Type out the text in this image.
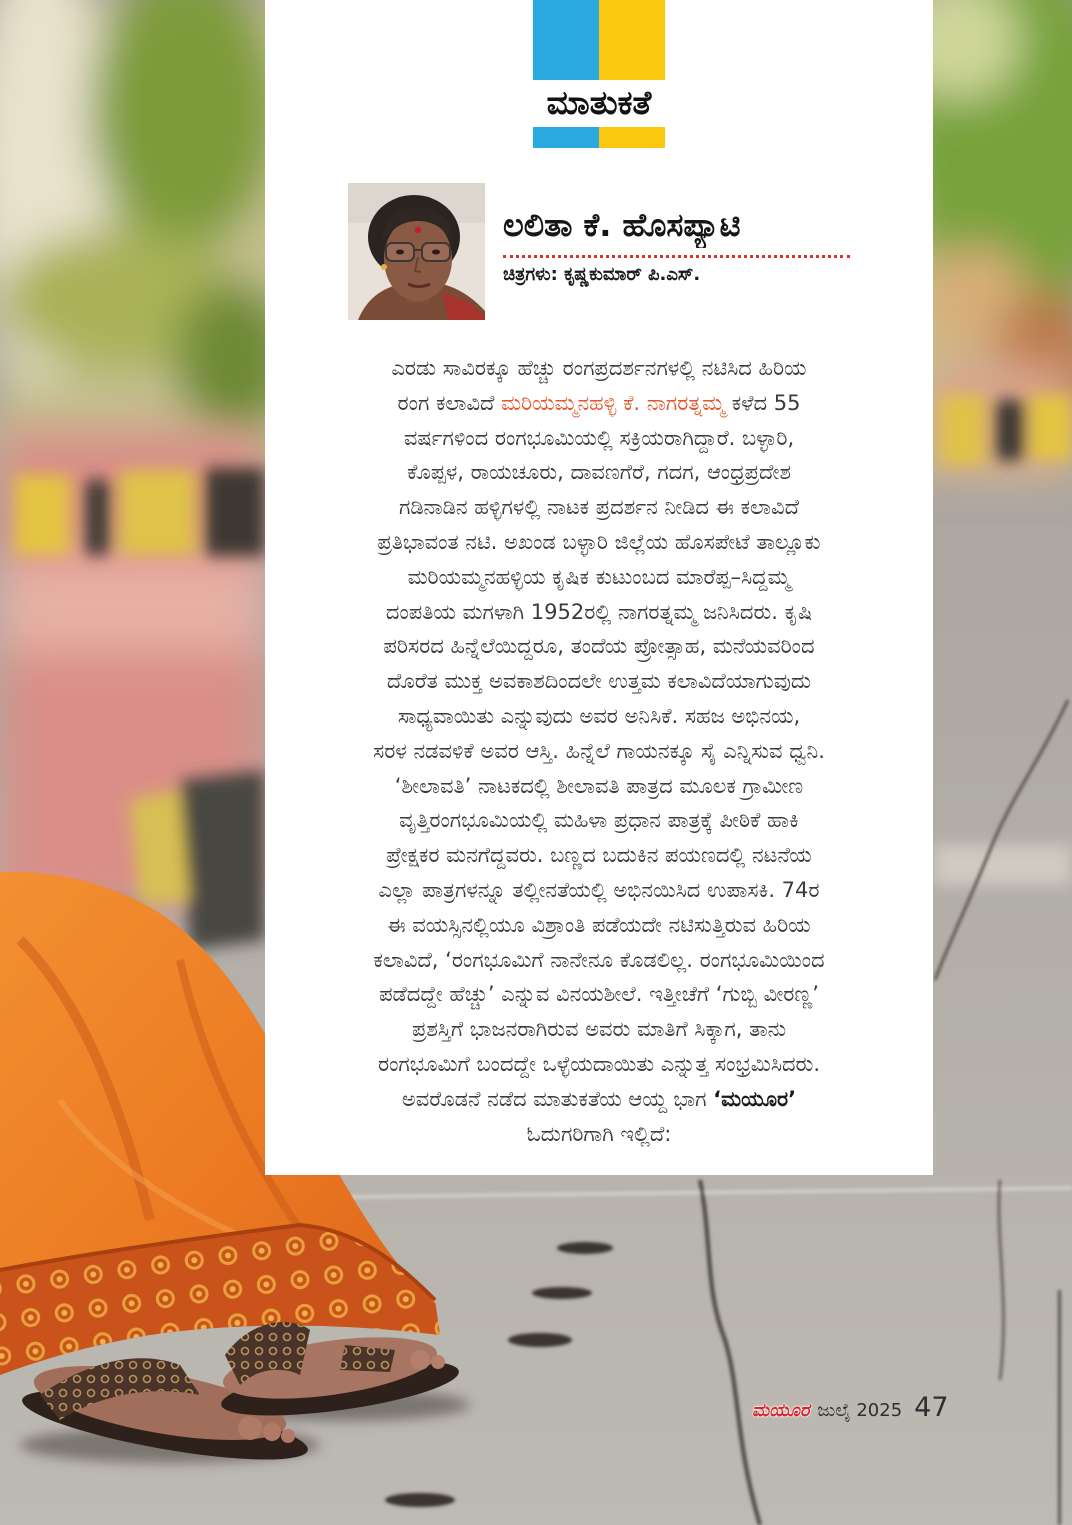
ಮಾತುಕತೆ
ಲಲಿತಾ ಕೆ. ಹೊಸಪ್ಯಾಟಿ
ಚಿತ್ರಗಳು: ಕೃಷ್ಣಕುಮಾರ್ ಪಿ.ಎಸ್.
ಎರಡು ಸಾವಿರಕ್ಕೂ ಹೆಚ್ಚು ರಂಗಪ್ರದರ್ಶನಗಳಲ್ಲಿ ನಟಿಸಿದ ಹಿರಿಯ
ರಂಗ ಕಲಾವಿದೆ ಮರಿಯಮ್ಮನಹಳ್ಳಿ ಕೆ. ನಾಗರತ್ನಮ್ಮ ಕಳೆದ 55
ವರ್ಷಗಳಿಂದ ರಂಗಭೂಮಿಯಲ್ಲಿ ಸಕ್ರಿಯರಾಗಿದ್ದಾರೆ. ಬಳ್ಳಾರಿ,
ಕೊಪ್ಪಳ, ರಾಯಚೂರು, ದಾವಣಗೆರೆ, ಗದಗ, ಆಂಧ್ರಪ್ರದೇಶ
ಗಡಿನಾಡಿನ ಹಳ್ಳಿಗಳಲ್ಲಿ ನಾಟಕ ಪ್ರದರ್ಶನ ನೀಡಿದ ಈ ಕಲಾವಿದೆ
ಪ್ರತಿಭಾವಂತ ನಟಿ. ಅಖಂಡ ಬಳ್ಳಾರಿ ಜಿಲ್ಲೆಯ ಹೊಸಪೇಟೆ ತಾಲ್ಲೂಕು
ಮರಿಯಮ್ಮನಹಳ್ಳಿಯ ಕೃಷಿಕ ಕುಟುಂಬದ ಮಾರೆಪ್ಪ–ಸಿದ್ದಮ್ಮ
ದಂಪತಿಯ ಮಗಳಾಗಿ 1952ರಲ್ಲಿ ನಾಗರತ್ನಮ್ಮ ಜನಿಸಿದರು. ಕೃಷಿ
ಪರಿಸರದ ಹಿನ್ನೆಲೆಯಿದ್ದರೂ, ತಂದೆಯ ಪ್ರೋತ್ಸಾಹ, ಮನೆಯವರಿಂದ
ದೊರೆತ ಮುಕ್ತ ಅವಕಾಶದಿಂದಲೇ ಉತ್ತಮ ಕಲಾವಿದೆಯಾಗುವುದು
ಸಾಧ್ಯವಾಯಿತು ಎನ್ನುವುದು ಅವರ ಅನಿಸಿಕೆ. ಸಹಜ ಅಭಿನಯ,
ಸರಳ ನಡವಳಿಕೆ ಅವರ ಆಸ್ತಿ. ಹಿನ್ನೆಲೆ ಗಾಯನಕ್ಕೂ ಸೈ ಎನ್ನಿಸುವ ಧ್ವನಿ.
‘ಶೀಲಾವತಿ’ ನಾಟಕದಲ್ಲಿ ಶೀಲಾವತಿ ಪಾತ್ರದ ಮೂಲಕ ಗ್ರಾಮೀಣ
ವೃತ್ತಿರಂಗಭೂಮಿಯಲ್ಲಿ ಮಹಿಳಾ ಪ್ರಧಾನ ಪಾತ್ರಕ್ಕೆ ಪೀಠಿಕೆ ಹಾಕಿ
ಪ್ರೇಕ್ಷಕರ ಮನಗೆದ್ದವರು. ಬಣ್ಣದ ಬದುಕಿನ ಪಯಣದಲ್ಲಿ ನಟನೆಯ
ಎಲ್ಲಾ ಪಾತ್ರಗಳನ್ನೂ ತಲ್ಲೀನತೆಯಲ್ಲಿ ಅಭಿನಯಿಸಿದ ಉಪಾಸಕಿ. 74ರ
ಈ ವಯಸ್ಸಿನಲ್ಲಿಯೂ ವಿಶ್ರಾಂತಿ ಪಡೆಯದೇ ನಟಿಸುತ್ತಿರುವ ಹಿರಿಯ
ಕಲಾವಿದೆ, ‘ರಂಗಭೂಮಿಗೆ ನಾನೇನೂ ಕೊಡಲಿಲ್ಲ. ರಂಗಭೂಮಿಯಿಂದ
ಪಡೆದದ್ದೇ ಹೆಚ್ಚು’ ಎನ್ನುವ ವಿನಯಶೀಲೆ. ಇತ್ತೀಚೆಗೆ ‘ಗುಬ್ಬಿ ವೀರಣ್ಣ’
ಪ್ರಶಸ್ತಿಗೆ ಭಾಜನರಾಗಿರುವ ಅವರು ಮಾತಿಗೆ ಸಿಕ್ಕಾಗ, ತಾನು
ರಂಗಭೂಮಿಗೆ ಬಂದದ್ದೇ ಒಳ್ಳೆಯದಾಯಿತು ಎನ್ನುತ್ತ ಸಂಭ್ರಮಿಸಿದರು.
ಅವರೊಡನೆ ನಡೆದ ಮಾತುಕತೆಯ ಆಯ್ದ ಭಾಗ ‘ಮಯೂರ’
ಓದುಗರಿಗಾಗಿ ಇಲ್ಲಿದೆ:
ಮಯೂರ ಜುಲೈ 2025 47
